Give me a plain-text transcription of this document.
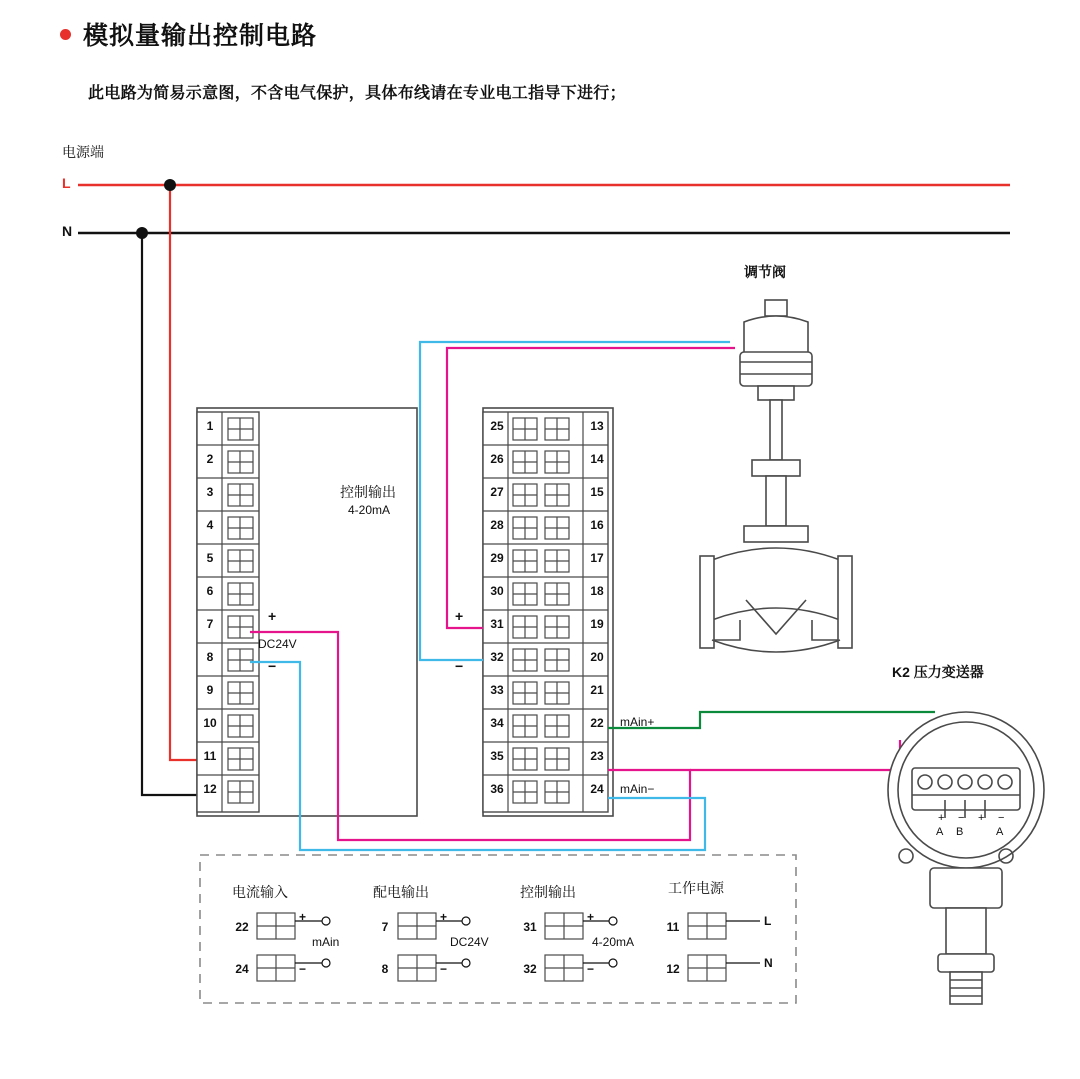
模拟量输出控制电路
此电路为简易示意图，不含电气保护，具体布线请在专业电工指导下进行；
电源端
L
N
调节阀
K2 压力变送器
控制输出
4-20mA
+
DC24V
−
+
−
mAin+
mAin−
1
2
3
4
5
6
7
8
9
10
11
12
25
26
27
28
29
30
31
32
33
34
35
36
13
14
15
16
17
18
19
20
21
22
23
24
+ − + −
A B	A
电流输入
22
24
+
−
mAin
配电输出
7
8
+
−
DC24V
控制输出
31
32
+
−
4-20mA
工作电源
11
12
L
N
